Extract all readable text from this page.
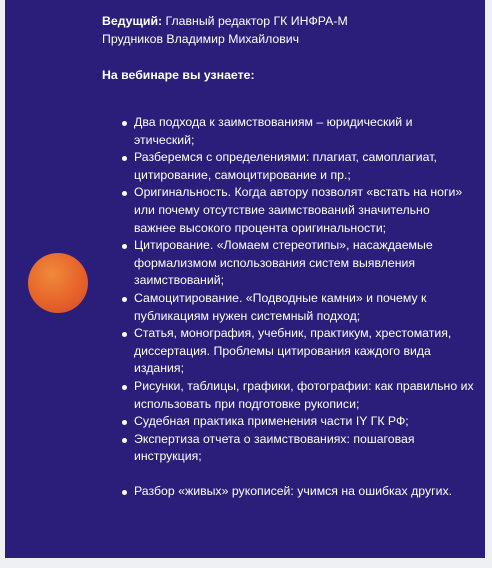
Ведущий: Главный редактор ГК ИНФРА-М
Прудников Владимир Михайлович
На вебинаре вы узнаете:
Два подхода к заимствованиям – юридический и этический;
Разберемся с определениями: плагиат, самоплагиат, цитирование, самоцитирование и пр.;
Оригинальность. Когда автору позволят «встать на ноги» или почему отсутствие заимствований значительно важнее высокого процента оригинальности;
Цитирование. «Ломаем стереотипы», насаждаемые формализмом использования систем выявления заимствований;
Самоцитирование. «Подводные камни» и почему к публикациям нужен системный подход;
Статья, монография, учебник, практикум, хрестоматия, диссертация. Проблемы цитирования каждого вида издания;
Рисунки, таблицы, графики, фотографии: как правильно их использовать при подготовке рукописи;
Судебная практика применения части IY ГК РФ;
Экспертиза отчета о заимствованиях: пошаговая инструкция;
Разбор «живых» рукописей: учимся на ошибках других.
